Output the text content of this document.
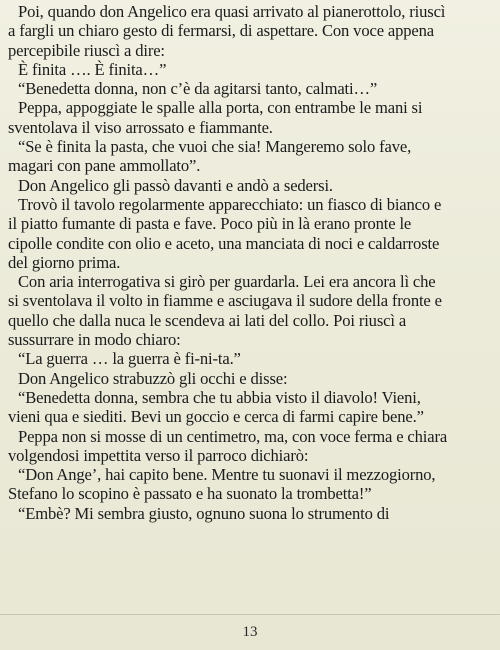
Poi, quando don Angelico era quasi arrivato al pianerottolo, riuscì
a fargli un chiaro gesto di fermarsi, di aspettare. Con voce appena
percepibile riuscì a dire:
È finita …. È finita…”
“Benedetta donna, non c’è da agitarsi tanto, calmati…”
Peppa, appoggiate le spalle alla porta, con entrambe le mani si
sventolava il viso arrossato e fiammante.
“Se è finita la pasta, che vuoi che sia! Mangeremo solo fave,
magari con pane ammollato”.
Don Angelico gli passò davanti e andò a sedersi.
Trovò il tavolo regolarmente apparecchiato: un fiasco di bianco e
il piatto fumante di pasta e fave. Poco più in là erano pronte le
cipolle condite con olio e aceto, una manciata di noci e caldarroste
del giorno prima.
Con aria interrogativa si girò per guardarla. Lei era ancora lì che
si sventolava il volto in fiamme e asciugava il sudore della fronte e
quello che dalla nuca le scendeva ai lati del collo. Poi riuscì a
sussurrare in modo chiaro:
“La guerra … la guerra è fi-ni-ta.”
Don Angelico strabuzzò gli occhi e disse:
“Benedetta donna, sembra che tu abbia visto il diavolo! Vieni,
vieni qua e siediti. Bevi un goccio e cerca di farmi capire bene.”
Peppa non si mosse di un centimetro, ma, con voce ferma e chiara
volgendosi impettita verso il parroco dichiarò:
“Don Ange’, hai capito bene. Mentre tu suonavi il mezzogiorno,
Stefano lo scopino è passato e ha suonato la trombetta!”
“Embè? Mi sembra giusto, ognuno suona lo strumento di
13
